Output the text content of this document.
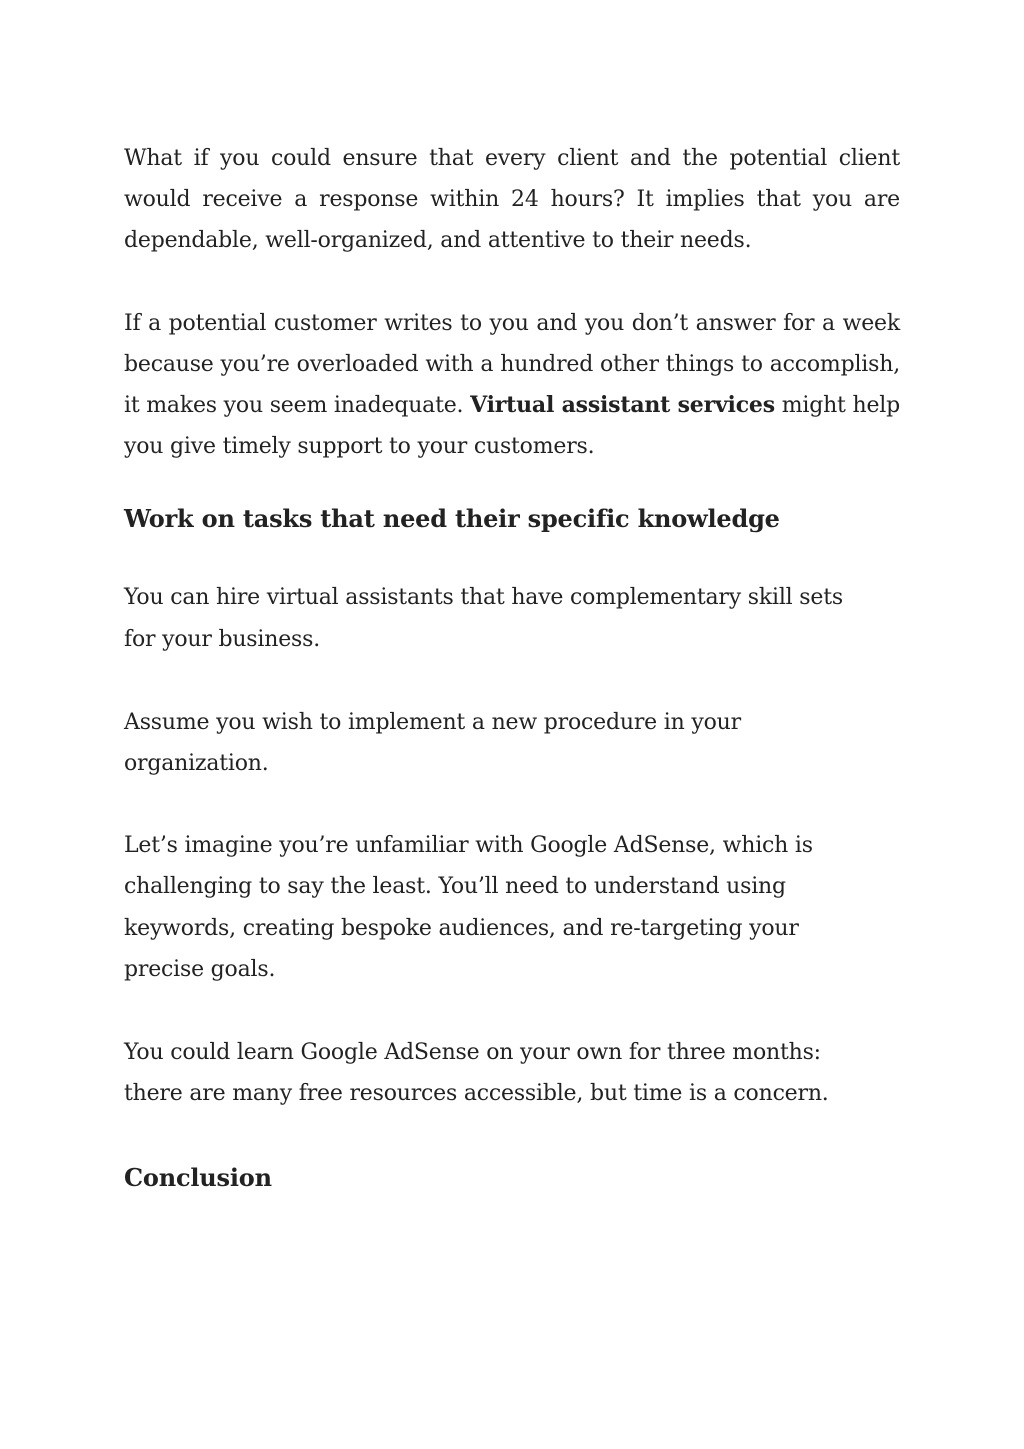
What if you could ensure that every client and the potential client would receive a response within 24 hours? It implies that you are dependable, well-organized, and attentive to their needs.

If a potential customer writes to you and you don’t answer for a week because you’re overloaded with a hundred other things to accomplish, it makes you seem inadequate. Virtual assistant services might help you give timely support to your customers.

Work on tasks that need their specific knowledge

You can hire virtual assistants that have complementary skill sets for your business.

Assume you wish to implement a new procedure in your organization.

Let’s imagine you’re unfamiliar with Google AdSense, which is challenging to say the least. You’ll need to understand using keywords, creating bespoke audiences, and re-targeting your precise goals.

You could learn Google AdSense on your own for three months: there are many free resources accessible, but time is a concern.

Conclusion
